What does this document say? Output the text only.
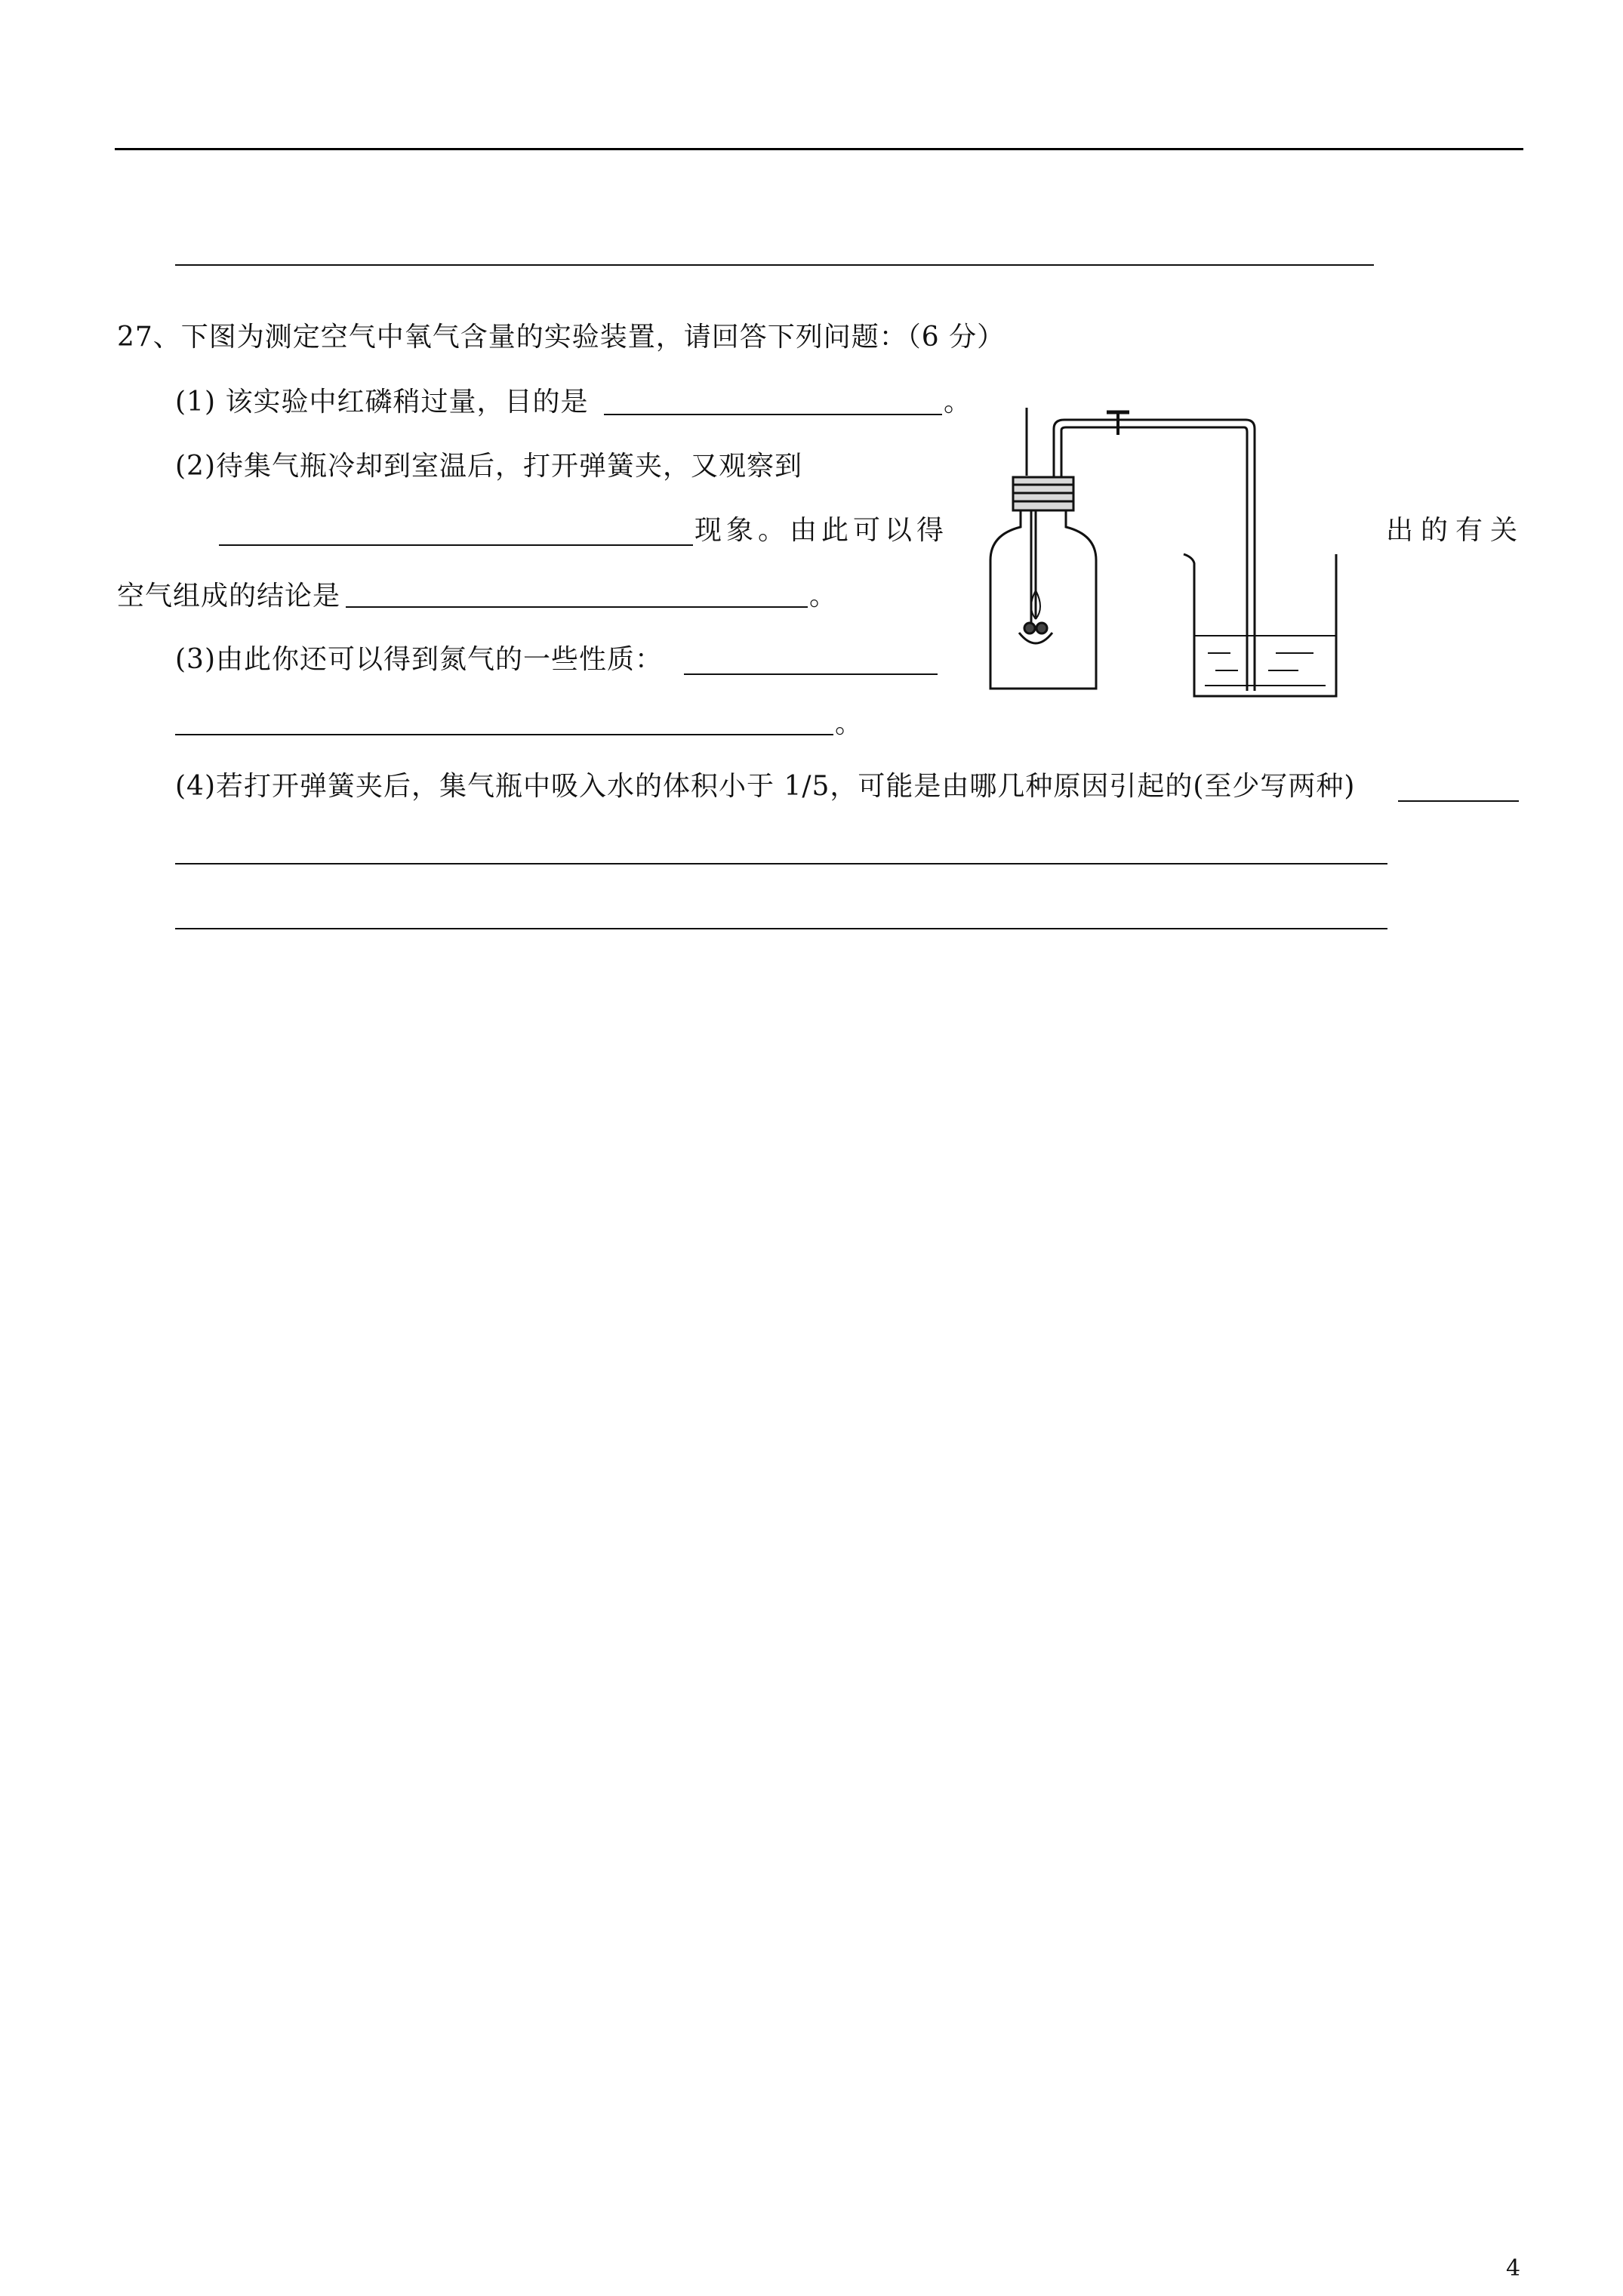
27、下图为测定空气中氧气含量的实验装置，请回答下列问题：（6 分）
(1) 该实验中红磷稍过量，目的是	。
(2)待集气瓶冷却到室温后，打开弹簧夹，又观察到
现象。由此可以得	出的有关
空气组成的结论是	。
(3)由此你还可以得到氮气的一些性质：
。
(4)若打开弹簧夹后，集气瓶中吸入水的体积小于 1/5，可能是由哪几种原因引起的(至少写两种)
4
